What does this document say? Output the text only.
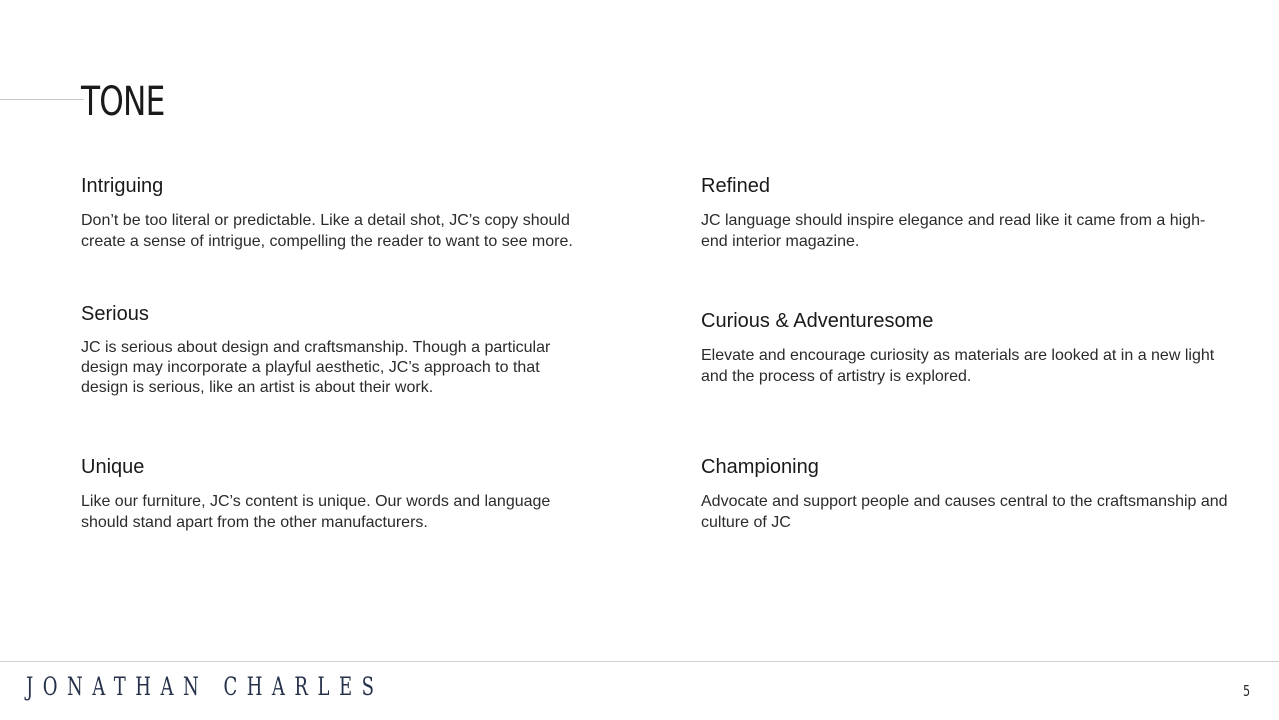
TONE
Intriguing

Don’t be too literal or predictable. Like a detail shot, JC’s copy should create a sense of intrigue, compelling the reader to want to see more.

Refined

JC language should inspire elegance and read like it came from a high-end interior magazine.

Serious

JC is serious about design and craftsmanship. Though a particular design may incorporate a playful aesthetic, JC’s approach to that design is serious, like an artist is about their work.

Curious & Adventuresome

Elevate and encourage curiosity as materials are looked at in a new light and the process of artistry is explored.

Unique

Like our furniture, JC’s content is unique. Our words and language should stand apart from the other manufacturers.

Championing

Advocate and support people and causes central to the craftsmanship and culture of JC

JONATHAN CHARLES	5
